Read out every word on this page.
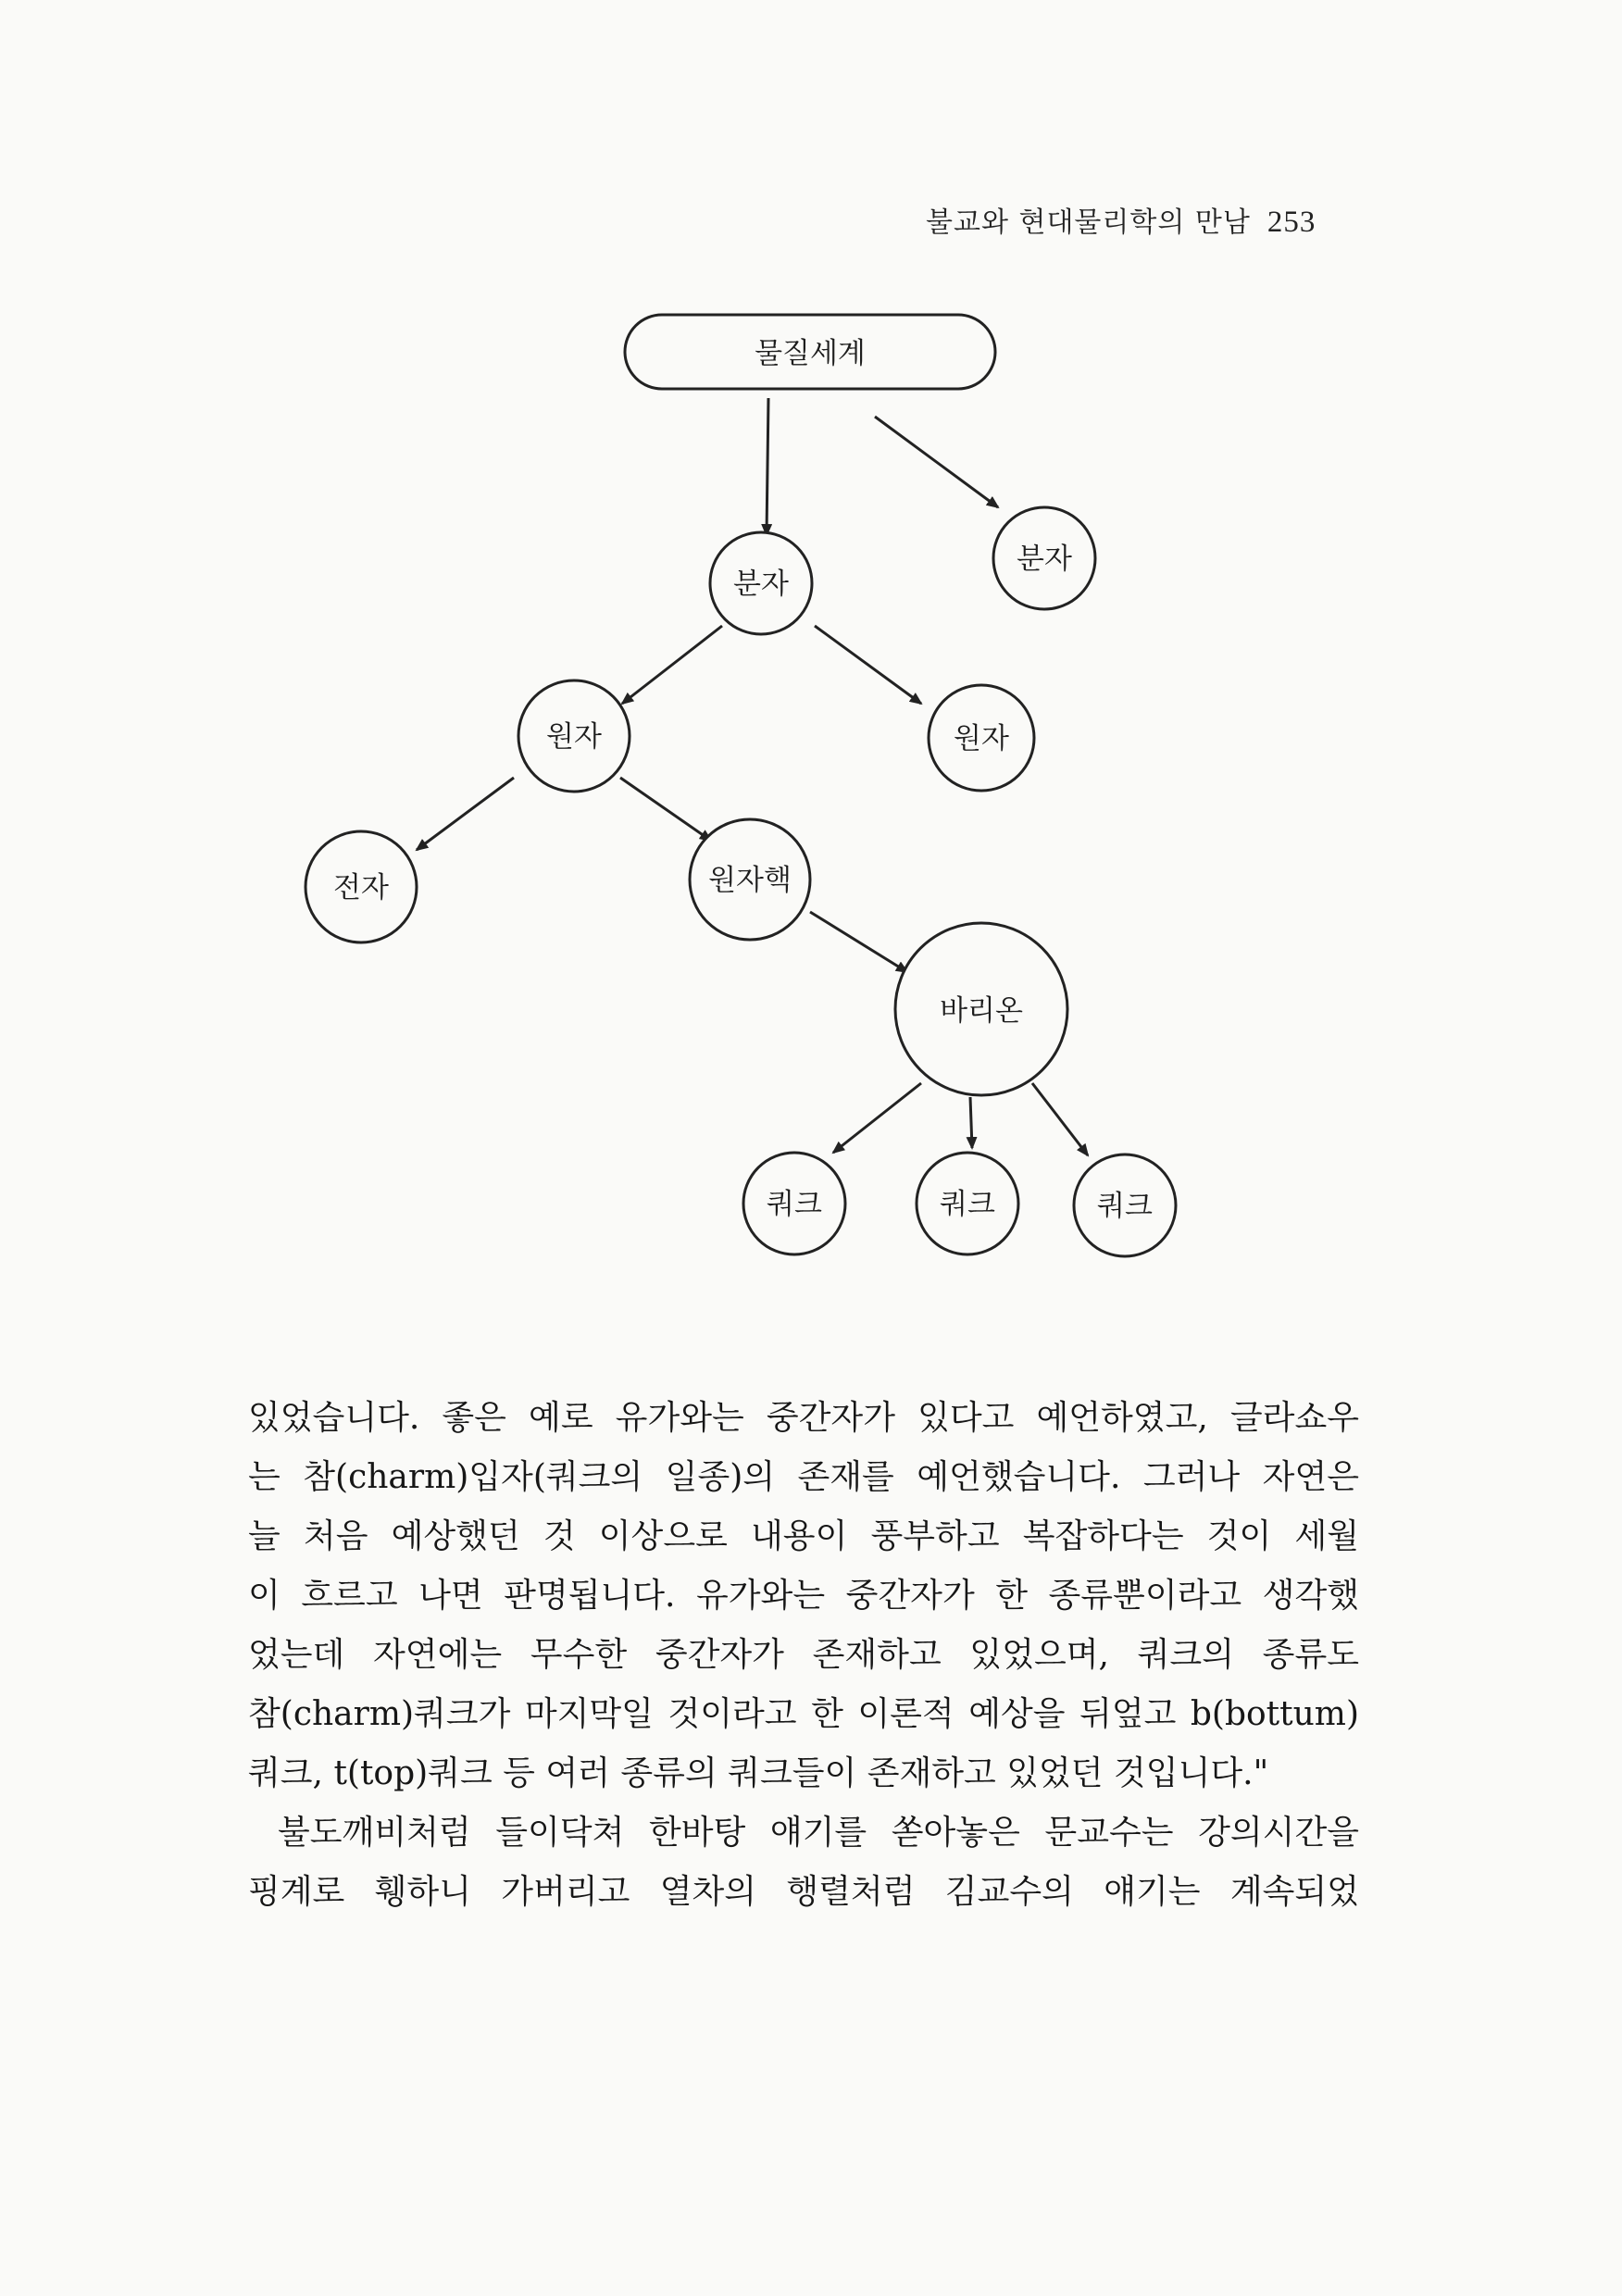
불교와 현대물리학의 만남 253
물질세계
분자
분자
원자	원자
전자	원자핵
바리온
쿼크	쿼크	쿼크

있었습니다. 좋은 예로 유가와는 중간자가 있다고 예언하였고, 글라쇼우

는 참(charm)입자(쿼크의 일종)의 존재를 예언했습니다. 그러나 자연은

늘 처음 예상했던 것 이상으로 내용이 풍부하고 복잡하다는 것이 세월

이 흐르고 나면 판명됩니다. 유가와는 중간자가 한 종류뿐이라고 생각했

었는데 자연에는 무수한 중간자가 존재하고 있었으며, 쿼크의 종류도

참(charm)쿼크가 마지막일 것이라고 한 이론적 예상을 뒤엎고 b(bottum)

쿼크, t(top)쿼크 등 여러 종류의 쿼크들이 존재하고 있었던 것입니다."

불도깨비처럼 들이닥쳐 한바탕 얘기를 쏟아놓은 문교수는 강의시간을

핑계로 휑하니 가버리고 열차의 행렬처럼 김교수의 얘기는 계속되었
